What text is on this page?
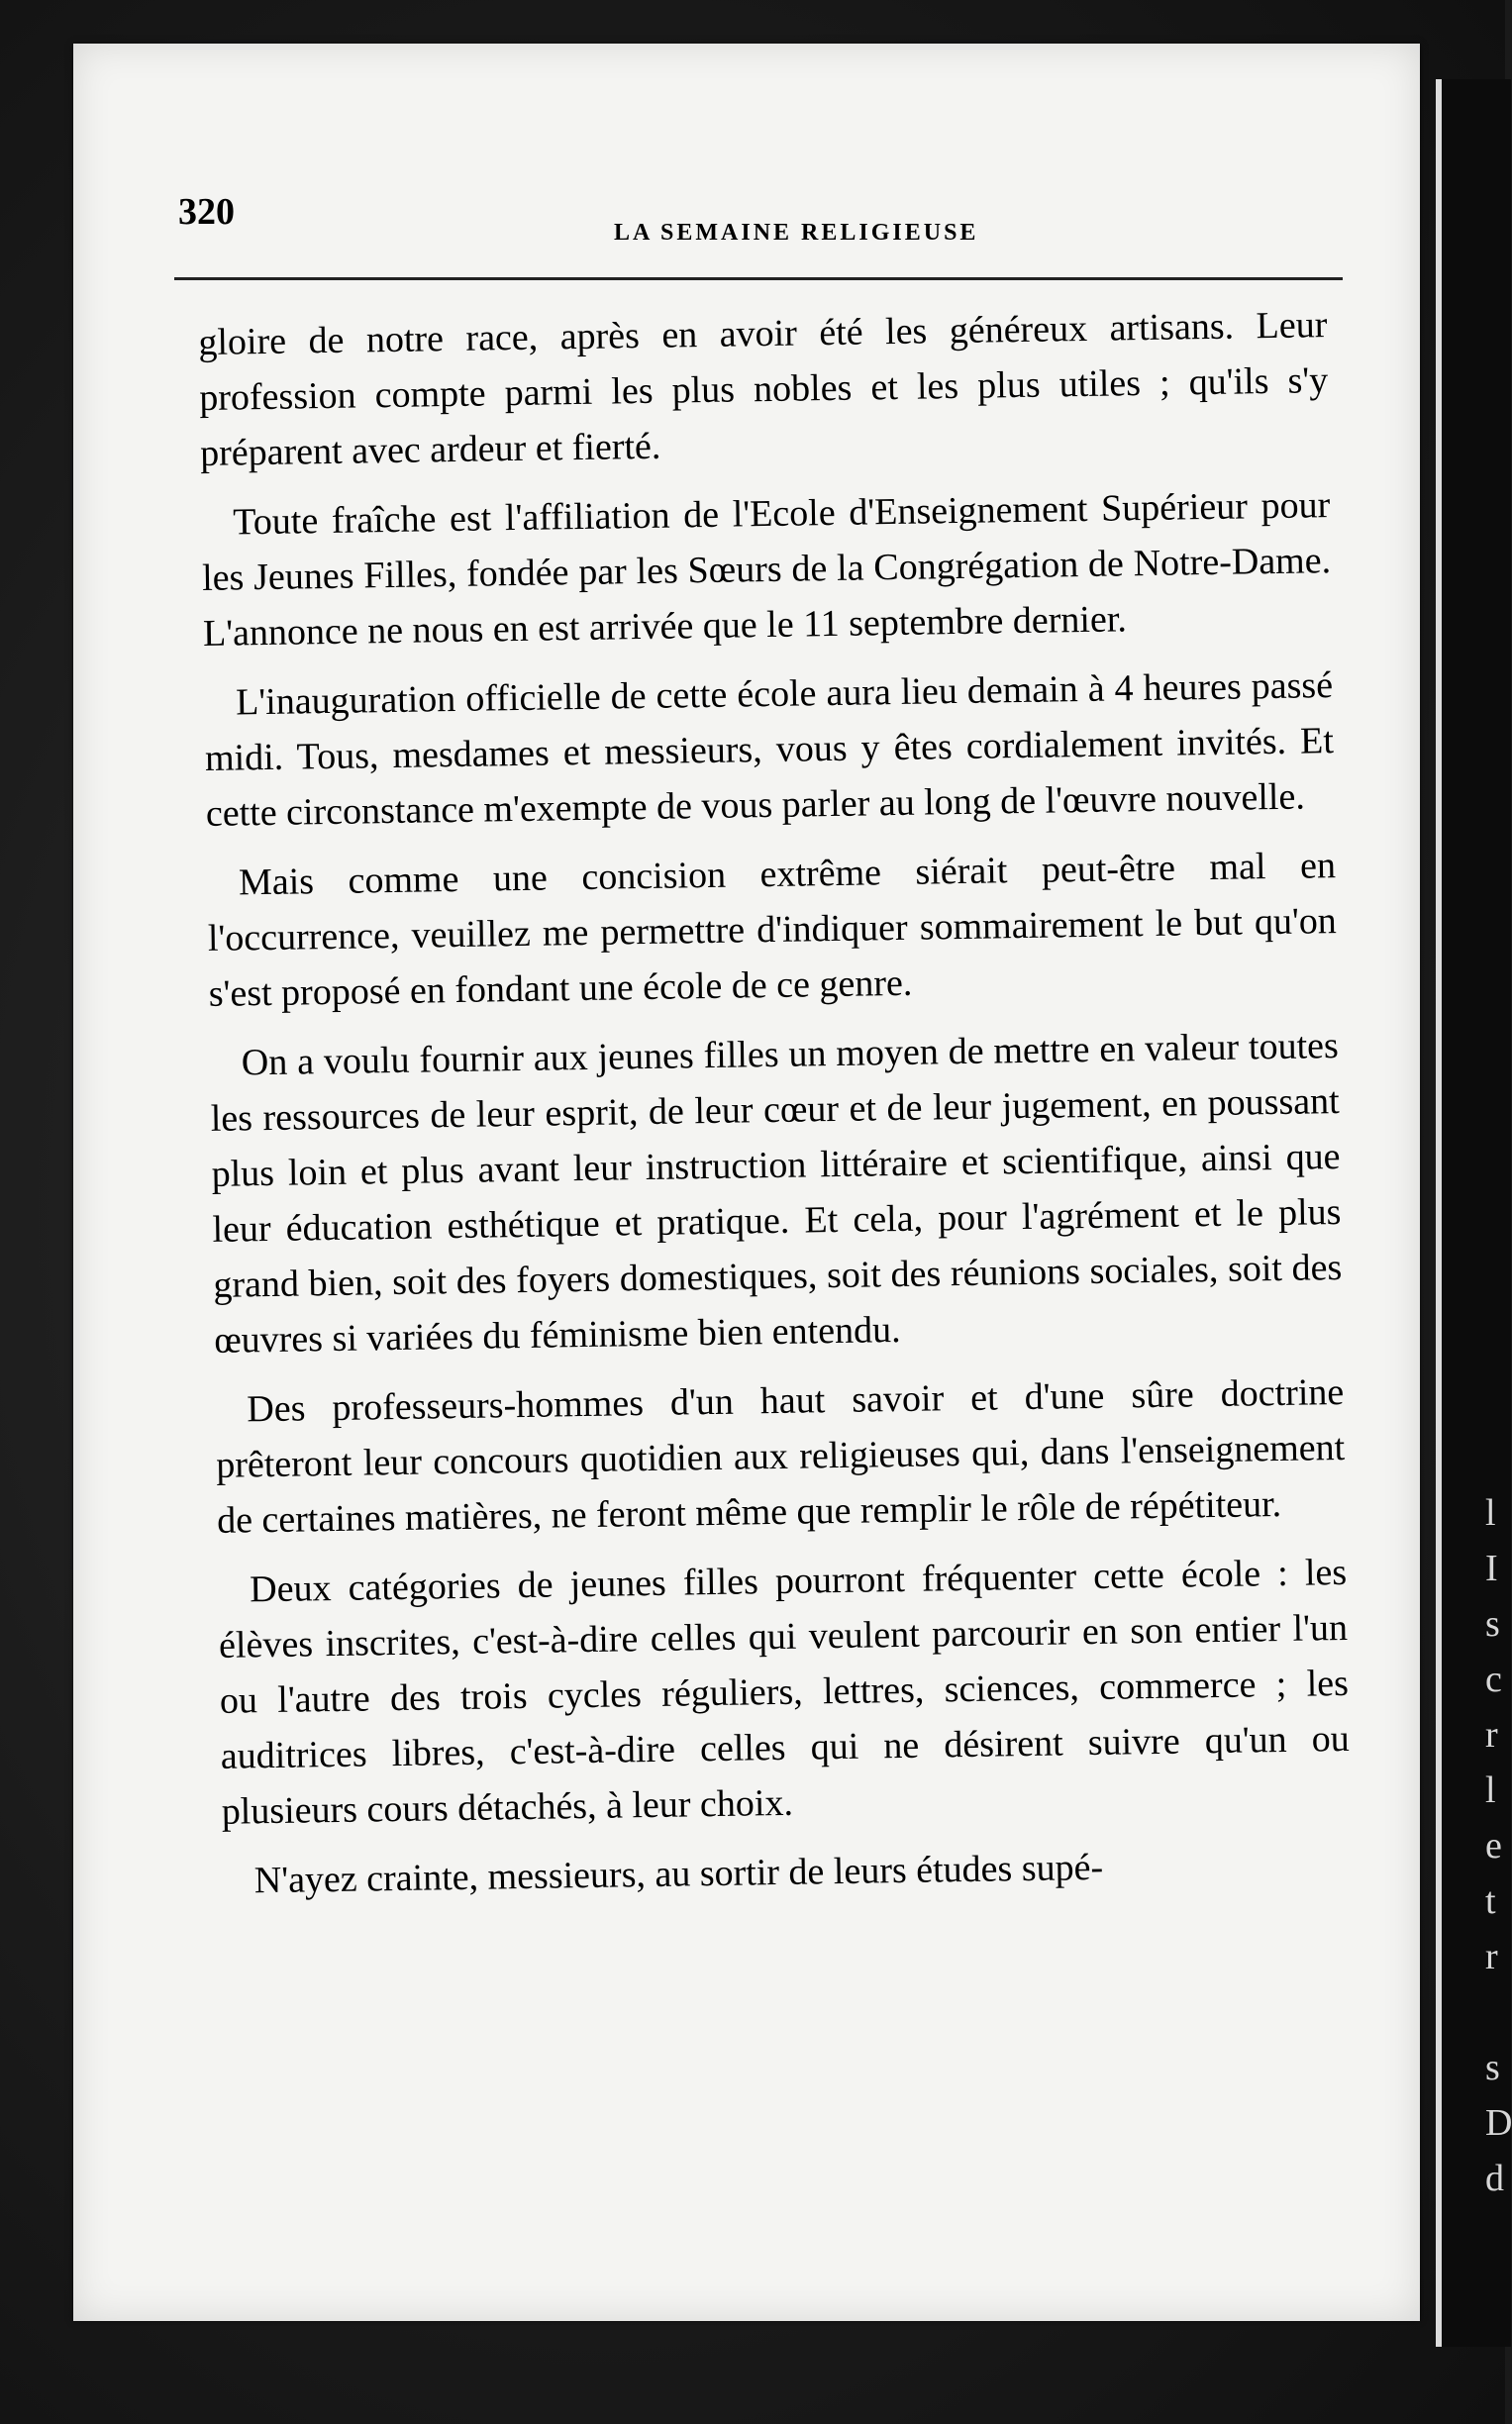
l
I
s
c
r
l
e
t
r

s
D
d
320	LA SEMAINE RELIGIEUSE

gloire de notre race, après en avoir été les généreux artisans. Leur profession compte parmi les plus nobles et les plus utiles ; qu'ils s'y préparent avec ardeur et fierté.

Toute fraîche est l'affiliation de l'Ecole d'Enseignement Supérieur pour les Jeunes Filles, fondée par les Sœurs de la Congrégation de Notre-Dame. L'annonce ne nous en est arrivée que le 11 septembre dernier.

L'inauguration officielle de cette école aura lieu demain à 4 heures passé midi. Tous, mesdames et messieurs, vous y êtes cordialement invités. Et cette circonstance m'exempte de vous parler au long de l'œuvre nouvelle.

Mais comme une concision extrême siérait peut-être mal en l'occurrence, veuillez me permettre d'indiquer sommairement le but qu'on s'est proposé en fondant une école de ce genre.

On a voulu fournir aux jeunes filles un moyen de mettre en valeur toutes les ressources de leur esprit, de leur cœur et de leur jugement, en poussant plus loin et plus avant leur instruction littéraire et scientifique, ainsi que leur éducation esthétique et pratique. Et cela, pour l'agrément et le plus grand bien, soit des foyers domestiques, soit des réunions sociales, soit des œuvres si variées du féminisme bien entendu.

Des professeurs-hommes d'un haut savoir et d'une sûre doctrine prêteront leur concours quotidien aux religieuses qui, dans l'enseignement de certaines matières, ne feront même que remplir le rôle de répétiteur.

Deux catégories de jeunes filles pourront fréquenter cette école : les élèves inscrites, c'est-à-dire celles qui veulent parcourir en son entier l'un ou l'autre des trois cycles réguliers, lettres, sciences, commerce ; les auditrices libres, c'est-à-dire celles qui ne désirent suivre qu'un ou plusieurs cours détachés, à leur choix.

N'ayez crainte, messieurs, au sortir de leurs études supé-
